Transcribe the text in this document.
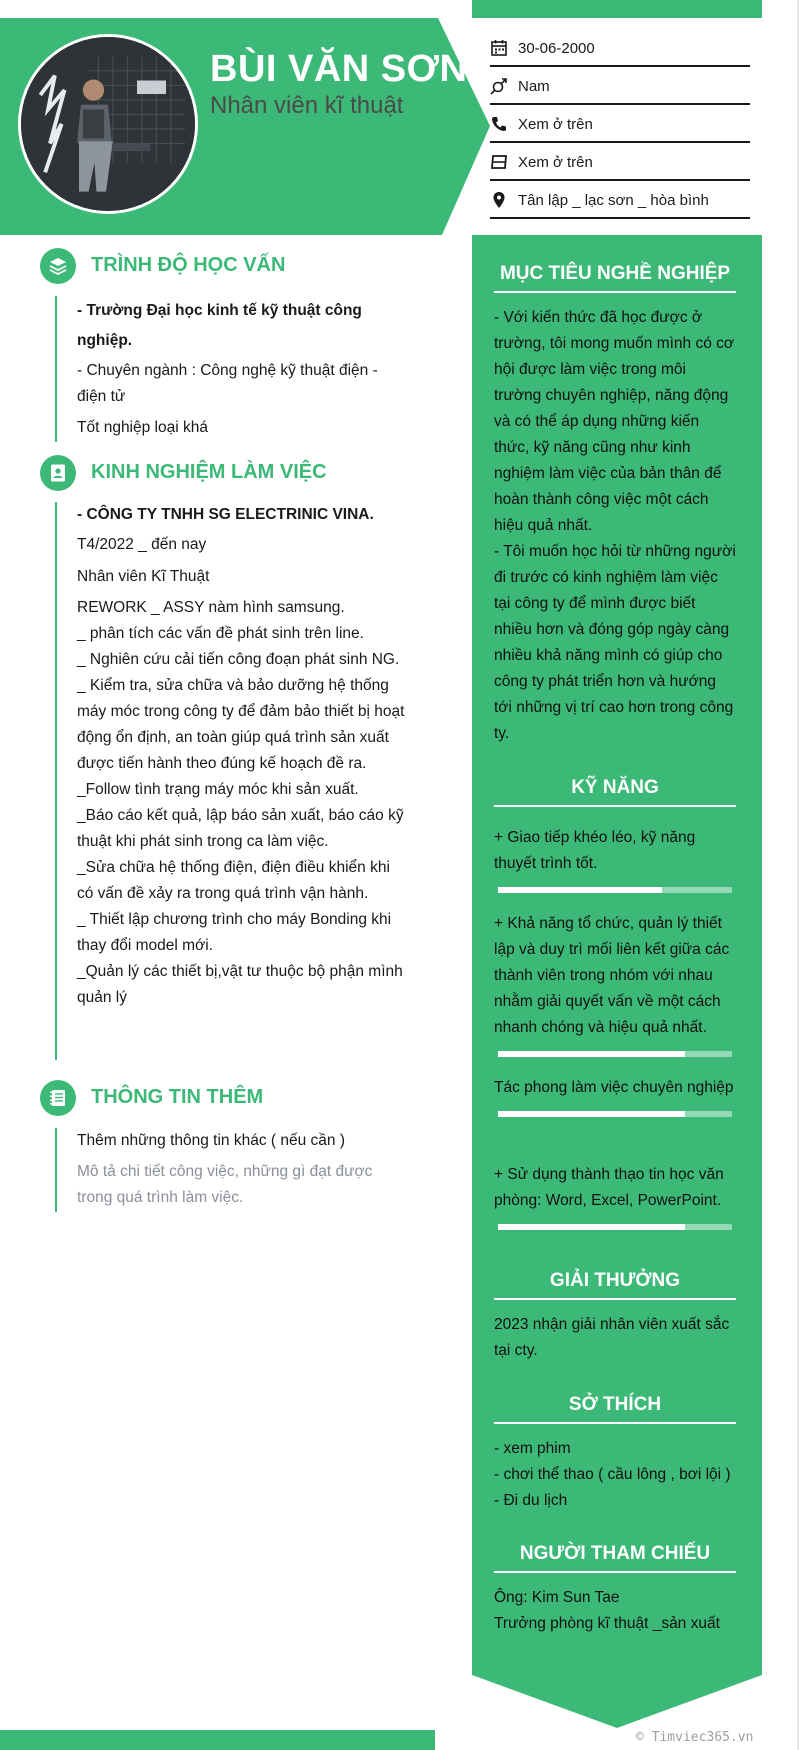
BÙI VĂN SƠN
Nhân viên kĩ thuật
30-06-2000
Nam
Xem ở trên
Xem ở trên
Tân lập _ lạc sơn _ hòa bình
MỤC TIÊU NGHỀ NGHIỆP
- Với kiến thức đã học được ở trường, tôi mong muốn mình có cơ hội được làm việc trong môi trường chuyên nghiệp, năng động và có thể áp dụng những kiến thức, kỹ năng cũng như kinh nghiệm làm việc của bản thân để hoàn thành công việc một cách hiệu quả nhất.
- Tôi muốn học hỏi từ những người đi trước có kinh nghiệm làm việc tại công ty để mình được biết nhiều hơn và đóng góp ngày càng nhiều khả năng mình có giúp cho công ty phát triển hơn và hướng tới những vị trí cao hơn trong công ty.
KỸ NĂNG
+ Giao tiếp khéo léo, kỹ năng thuyết trình tốt.
+ Khả năng tổ chức, quản lý thiết lập và duy trì mối liên kết giữa các thành viên trong nhóm với nhau nhằm giải quyết vấn về một cách nhanh chóng và hiệu quả nhất.
Tác phong làm việc chuyên nghiệp
+ Sử dụng thành thạo tin học văn phòng: Word, Excel, PowerPoint.
GIẢI THƯỞNG
2023 nhận giải nhân viên xuất sắc tại cty.
SỞ THÍCH
- xem phim
- chơi thể thao ( cầu lông , bơi lội )
- Đi du lịch
NGƯỜI THAM CHIẾU
Ông: Kim Sun Tae
Trưởng phòng kĩ thuật _sản xuất
TRÌNH ĐỘ HỌC VẤN

- Trường Đại học kinh tế kỹ thuật công nghiệp.

- Chuyên ngành : Công nghệ kỹ thuật điện - điện tử

Tốt nghiệp loại khá

KINH NGHIỆM LÀM VIỆC

- CÔNG TY TNHH SG ELECTRINIC VINA.

T4/2022 _ đến nay

Nhân viên Kĩ Thuật

REWORK _ ASSY nàm hình samsung.

_ phân tích các vấn đề phát sinh trên line.

_ Nghiên cứu cải tiến công đoạn phát sinh NG.

_ Kiểm tra, sửa chữa và bảo dưỡng hệ thống máy móc trong công ty để đảm bảo thiết bị hoạt động ổn định, an toàn giúp quá trình sản xuất được tiến hành theo đúng kế hoạch đề ra.

_Follow tình trạng máy móc khi sản xuất.

_Báo cáo kết quả, lập báo sản xuất, báo cáo kỹ thuật khi phát sinh trong ca làm việc.

_Sửa chữa hệ thống điện, điện điều khiển khi có vấn đề xảy ra trong quá trình vận hành.

_ Thiết lập chương trình cho máy Bonding khi thay đổi model mới.

_Quản lý các thiết bị,vật tư thuộc bộ phận mình quản lý

THÔNG TIN THÊM

Thêm những thông tin khác ( nếu cần )

Mô tả chi tiết công việc, những gì đạt được trong quá trình làm việc.

© Timviec365.vn
